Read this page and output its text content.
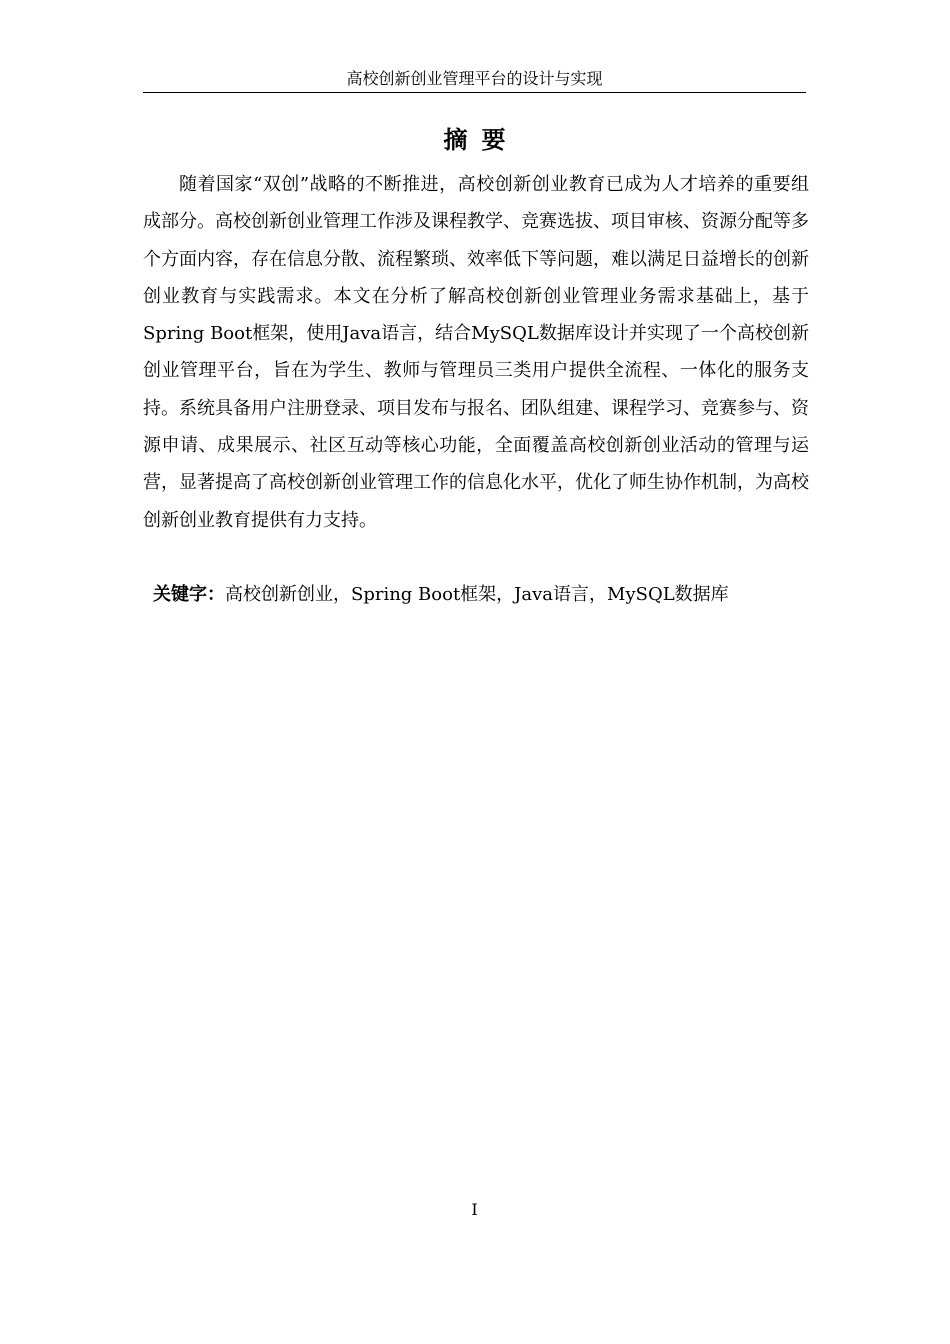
高校创新创业管理平台的设计与实现
摘要

随着国家“双创”战略的不断推进，高校创新创业教育已成为人才培养的重要组成部分。高校创新创业管理工作涉及课程教学、竞赛选拔、项目审核、资源分配等多个方面内容，存在信息分散、流程繁琐、效率低下等问题，难以满足日益增长的创新创业教育与实践需求。本文在分析了解高校创新创业管理业务需求基础上，基于Spring Boot框架，使用Java语言，结合MySQL数据库设计并实现了一个高校创新创业管理平台，旨在为学生、教师与管理员三类用户提供全流程、一体化的服务支持。系统具备用户注册登录、项目发布与报名、团队组建、课程学习、竞赛参与、资源申请、成果展示、社区互动等核心功能，全面覆盖高校创新创业活动的管理与运营，显著提高了高校创新创业管理工作的信息化水平，优化了师生协作机制，为高校创新创业教育提供有力支持。

关键字：高校创新创业，Spring Boot框架，Java语言，MySQL数据库
I
